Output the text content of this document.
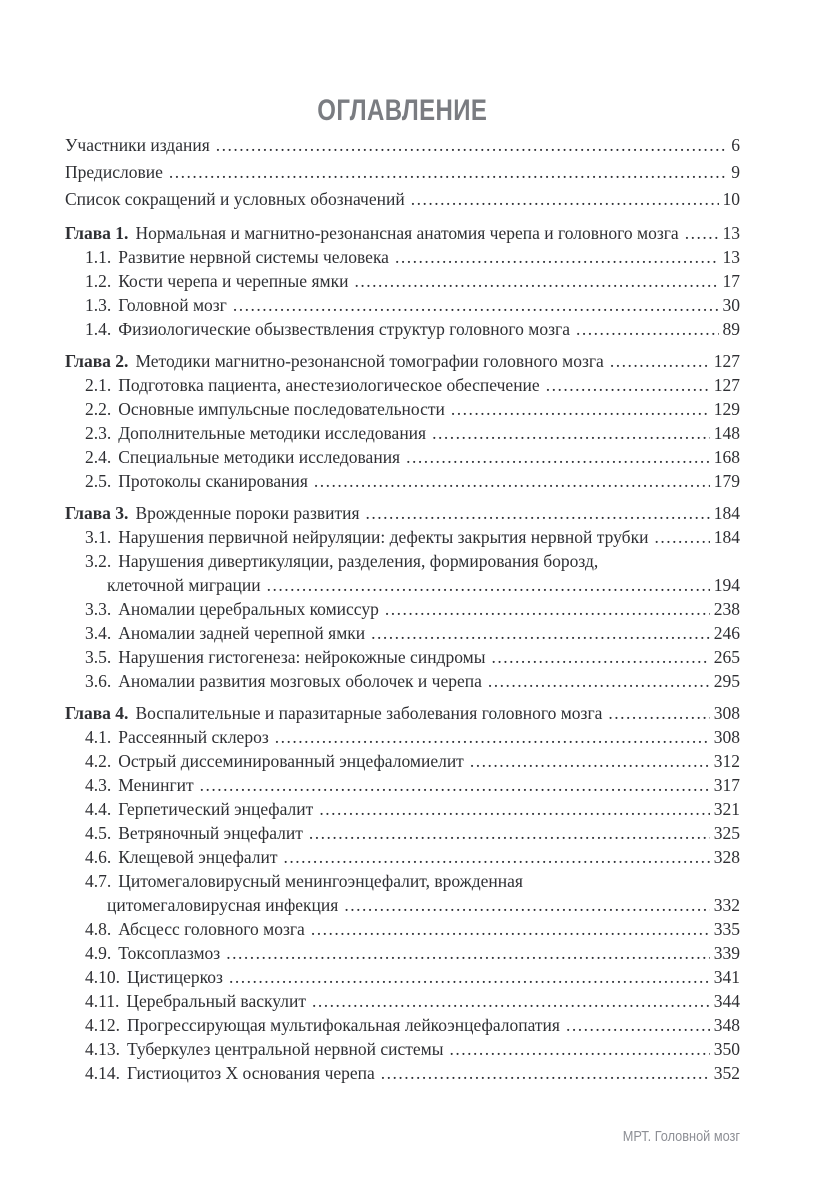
ОГЛАВЛЕНИЕ
Участники издания .....	6
Предисловие .....	9
Список сокращений и условных обозначений .....	10
Глава 1. Нормальная и магнитно-резонансная анатомия черепа и головного мозга .....	13
1.1. Развитие нервной системы человека .....	13
1.2. Кости черепа и черепные ямки .....	17
1.3. Головной мозг .....	30
1.4. Физиологические обызвествления структур головного мозга .....	89
Глава 2. Методики магнитно-резонансной томографии головного мозга .....	127
2.1. Подготовка пациента, анестезиологическое обеспечение .....	127
2.2. Основные импульсные последовательности .....	129
2.3. Дополнительные методики исследования .....	148
2.4. Специальные методики исследования .....	168
2.5. Протоколы сканирования .....	179
Глава 3. Врожденные пороки развития .....	184
3.1. Нарушения первичной нейруляции: дефекты закрытия нервной трубки .....	184
3.2. Нарушения дивертикуляции, разделения, формирования борозд,
клеточной миграции .....	194
3.3. Аномалии церебральных комиссур .....	238
3.4. Аномалии задней черепной ямки .....	246
3.5. Нарушения гистогенеза: нейрокожные синдромы .....	265
3.6. Аномалии развития мозговых оболочек и черепа .....	295
Глава 4. Воспалительные и паразитарные заболевания головного мозга .....	308
4.1. Рассеянный склероз .....	308
4.2. Острый диссеминированный энцефаломиелит .....	312
4.3. Менингит .....	317
4.4. Герпетический энцефалит .....	321
4.5. Ветряночный энцефалит .....	325
4.6. Клещевой энцефалит .....	328
4.7. Цитомегаловирусный менингоэнцефалит, врожденная
цитомегаловирусная инфекция .....	332
4.8. Абсцесс головного мозга .....	335
4.9. Токсоплазмоз .....	339
4.10. Цистицеркоз .....	341
4.11. Церебральный васкулит .....	344
4.12. Прогрессирующая мультифокальная лейкоэнцефалопатия .....	348
4.13. Туберкулез центральной нервной системы .....	350
4.14. Гистиоцитоз X основания черепа .....	352
МРТ. Головной мозг
